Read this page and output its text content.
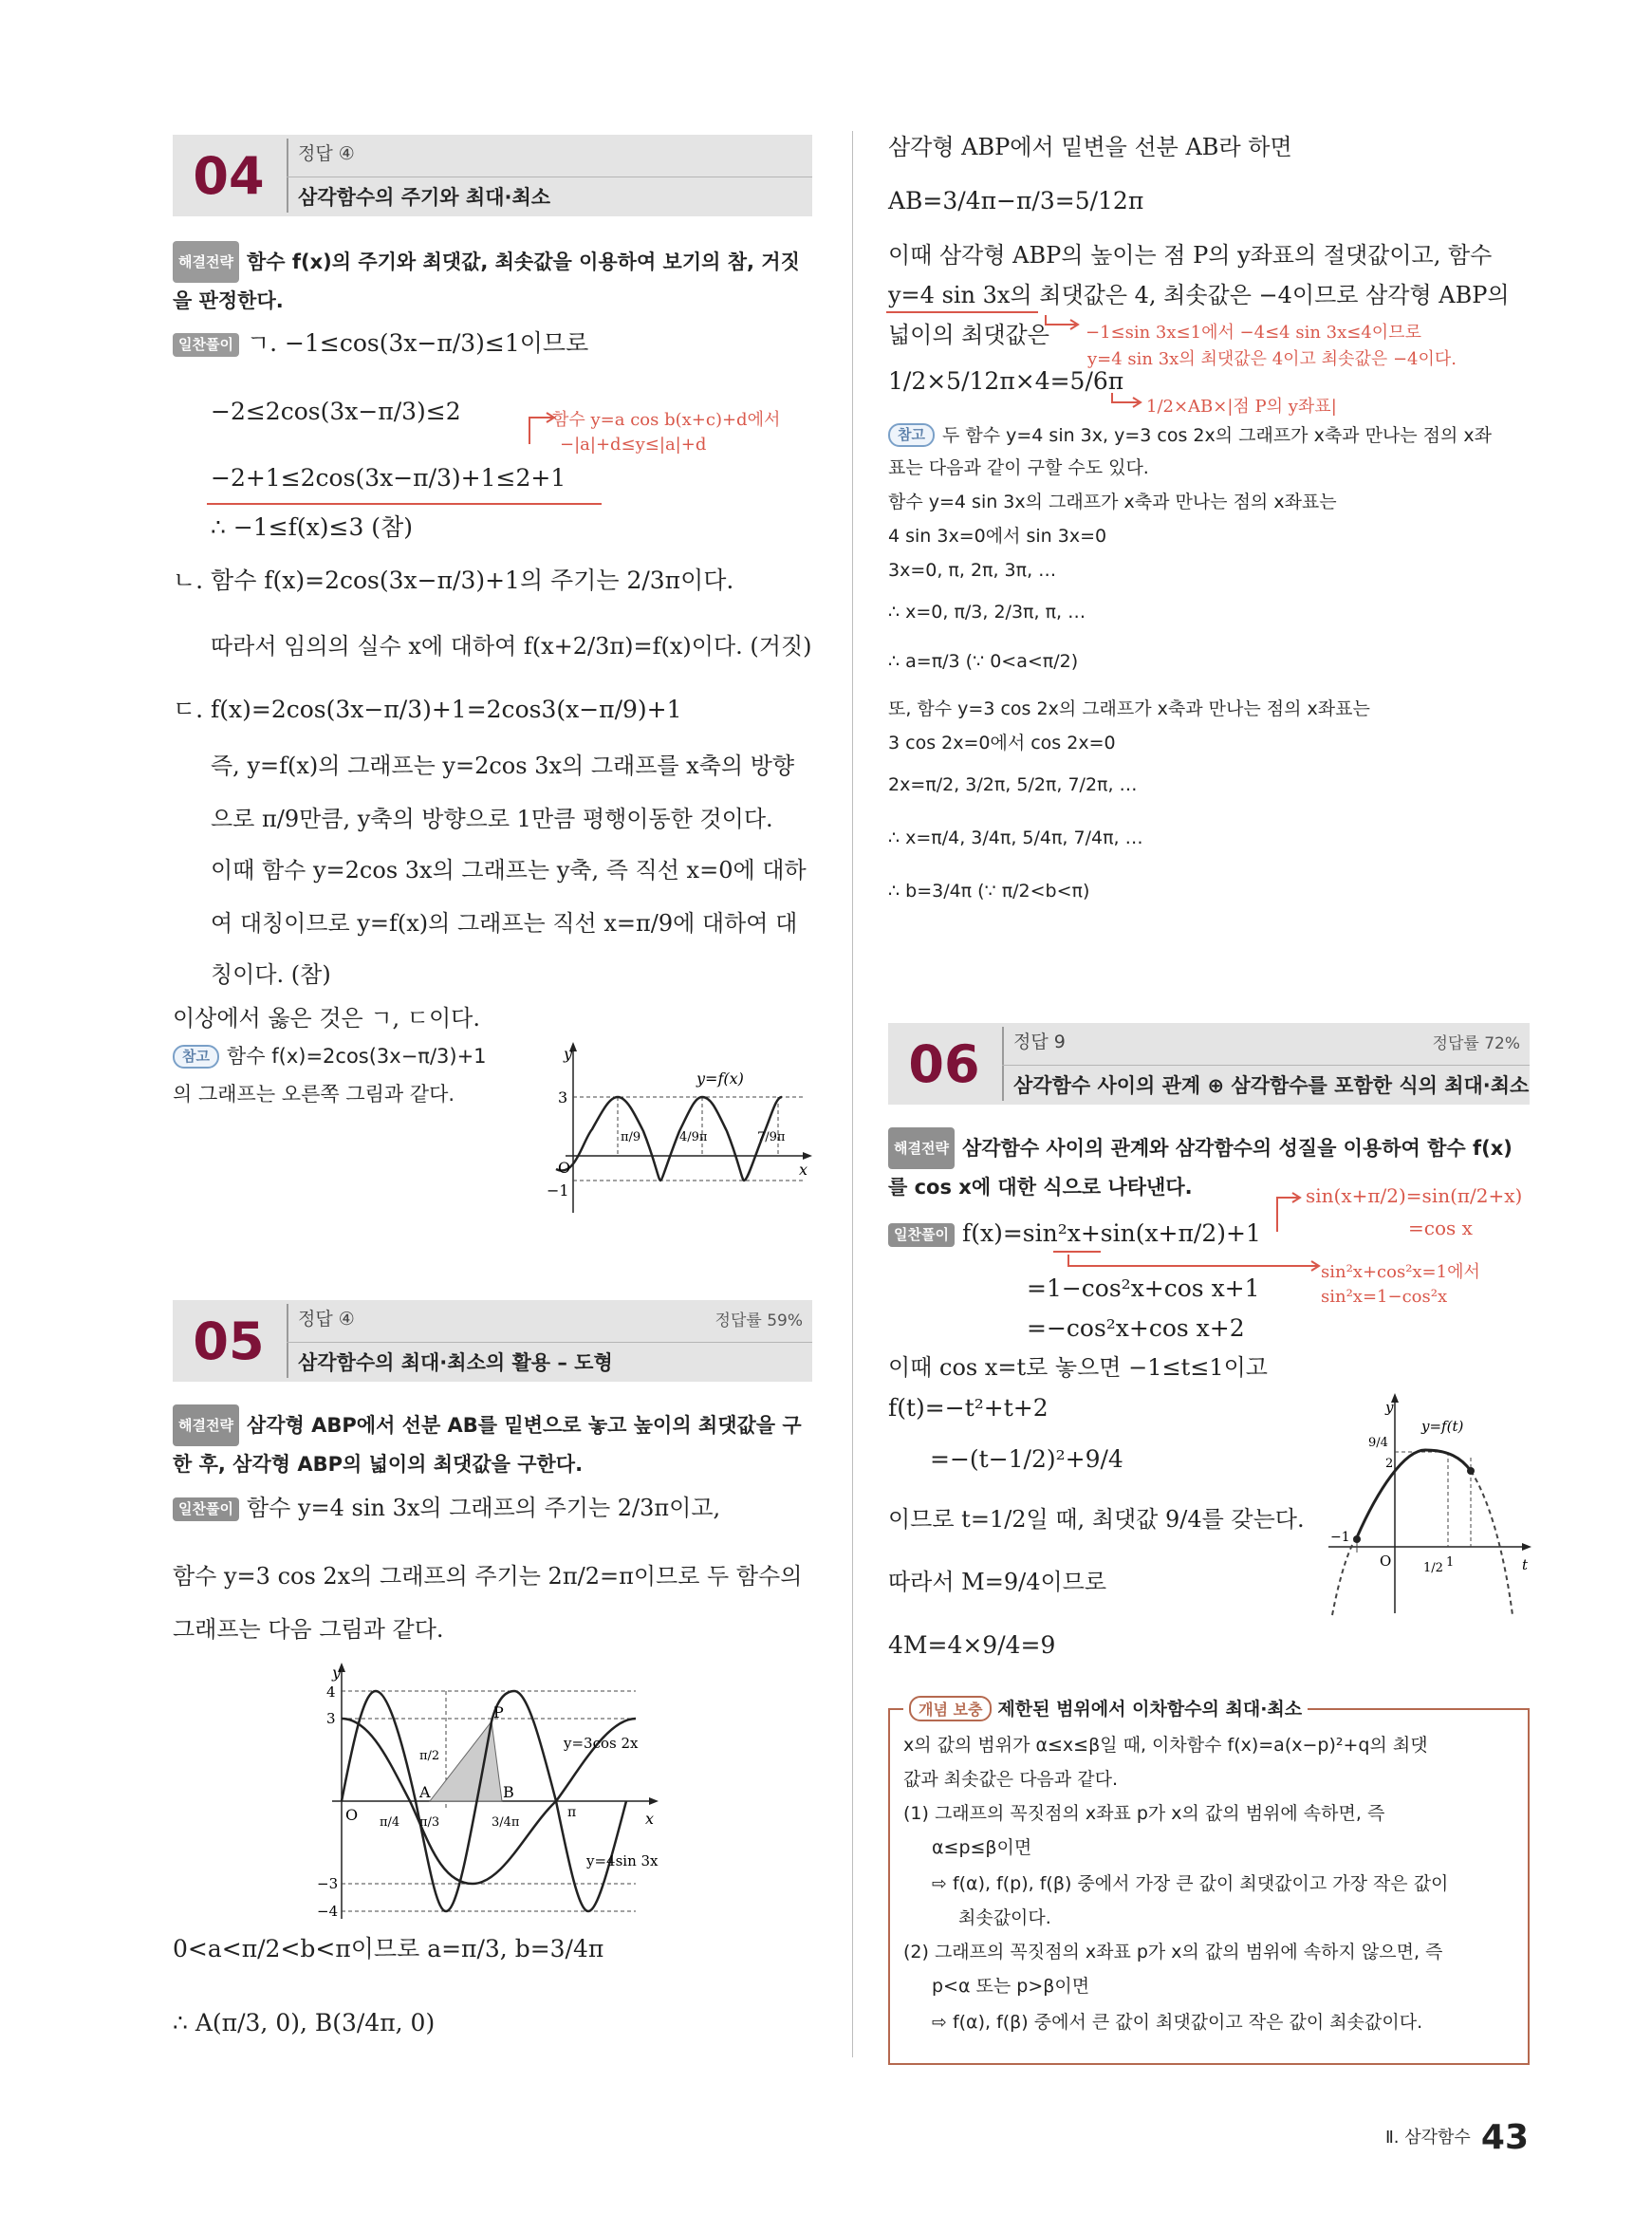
04	정답 ④
삼각함수의 주기와 최대·최소
해결전략 함수 f(x)의 주기와 최댓값, 최솟값을 이용하여 보기의 참, 거짓
을 판정한다.
일찬풀이 ㄱ. −1≤cos(3x−π/3)≤1이므로
−2≤2cos(3x−π/3)≤2	함수 y=a cos b(x+c)+d에서
−|a|+d≤y≤|a|+d
−2+1≤2cos(3x−π/3)+1≤2+1
∴ −1≤f(x)≤3 (참)
ㄴ. 함수 f(x)=2cos(3x−π/3)+1의 주기는 2/3π이다.
따라서 임의의 실수 x에 대하여 f(x+2/3π)=f(x)이다. (거짓)
ㄷ. f(x)=2cos(3x−π/3)+1=2cos3(x−π/9)+1
즉, y=f(x)의 그래프는 y=2cos 3x의 그래프를 x축의 방향
으로 π/9만큼, y축의 방향으로 1만큼 평행이동한 것이다.
이때 함수 y=2cos 3x의 그래프는 y축, 즉 직선 x=0에 대하
여 대칭이므로 y=f(x)의 그래프는 직선 x=π/9에 대하여 대
칭이다. (참)
이상에서 옳은 것은 ㄱ, ㄷ이다.
참고 함수 f(x)=2cos(3x−π/3)+1
의 그래프는 오른쪽 그림과 같다.
y
x
O
y=f(x)
3
−1
π/9	4/9π	7/9π
05	정답 ④	정답률 59%
삼각함수의 최대·최소의 활용 – 도형
해결전략 삼각형 ABP에서 선분 AB를 밑변으로 놓고 높이의 최댓값을 구
한 후, 삼각형 ABP의 넓이의 최댓값을 구한다.
일찬풀이 함수 y=4 sin 3x의 그래프의 주기는 2/3π이고,
함수 y=3 cos 2x의 그래프의 주기는 2π/2=π이므로 두 함수의
그래프는 다음 그림과 같다.
y
x
O
4
3
−3
−4
A	B
P
π/2
π/4 π/3	3/4π
π
y=3cos 2x
y=4sin 3x
0<a<π/2<b<π이므로 a=π/3, b=3/4π
∴ A(π/3, 0), B(3/4π, 0)
삼각형 ABP에서 밑변을 선분 AB라 하면
AB=3/4π−π/3=5/12π
이때 삼각형 ABP의 높이는 점 P의 y좌표의 절댓값이고, 함수
y=4 sin 3x의 최댓값은 4, 최솟값은 −4이므로 삼각형 ABP의
넓이의 최댓값은 −1≤sin 3x≤1에서 −4≤4 sin 3x≤4이므로
y=4 sin 3x의 최댓값은 4이고 최솟값은 −4이다.
1/2×5/12π×4=5/6π
1/2×AB×|점 P의 y좌표|
참고 두 함수 y=4 sin 3x, y=3 cos 2x의 그래프가 x축과 만나는 점의 x좌
표는 다음과 같이 구할 수도 있다.
함수 y=4 sin 3x의 그래프가 x축과 만나는 점의 x좌표는
4 sin 3x=0에서 sin 3x=0
3x=0, π, 2π, 3π, …
∴ x=0, π/3, 2/3π, π, …
∴ a=π/3 (∵ 0<a<π/2)
또, 함수 y=3 cos 2x의 그래프가 x축과 만나는 점의 x좌표는
3 cos 2x=0에서 cos 2x=0
2x=π/2, 3/2π, 5/2π, 7/2π, …
∴ x=π/4, 3/4π, 5/4π, 7/4π, …
∴ b=3/4π (∵ π/2<b<π)
06	정답 9	정답률 72%
삼각함수 사이의 관계 ⊕ 삼각함수를 포함한 식의 최대·최소
해결전략 삼각함수 사이의 관계와 삼각함수의 성질을 이용하여 함수 f(x)
를 cos x에 대한 식으로 나타낸다.	sin(x+π/2)=sin(π/2+x)
=cos x
일찬풀이 f(x)=sin²x+sin(x+π/2)+1
sin²x+cos²x=1에서
sin²x=1−cos²x
=1−cos²x+cos x+1
=−cos²x+cos x+2
이때 cos x=t로 놓으면 −1≤t≤1이고
f(t)=−t²+t+2
=−(t−1/2)²+9/4
이므로 t=1/2일 때, 최댓값 9/4를 갖는다.
따라서 M=9/4이므로
4M=4×9/4=9
y
t
O
y=f(t)
9/4
2
−1
1/2 1
개념 보충 제한된 범위에서 이차함수의 최대·최소
x의 값의 범위가 α≤x≤β일 때, 이차함수 f(x)=a(x−p)²+q의 최댓
값과 최솟값은 다음과 같다.
(1) 그래프의 꼭짓점의 x좌표 p가 x의 값의 범위에 속하면, 즉
α≤p≤β이면
⇨ f(α), f(p), f(β) 중에서 가장 큰 값이 최댓값이고 가장 작은 값이
최솟값이다.
(2) 그래프의 꼭짓점의 x좌표 p가 x의 값의 범위에 속하지 않으면, 즉
p<α 또는 p>β이면
⇨ f(α), f(β) 중에서 큰 값이 최댓값이고 작은 값이 최솟값이다.
Ⅱ. 삼각함수 43
